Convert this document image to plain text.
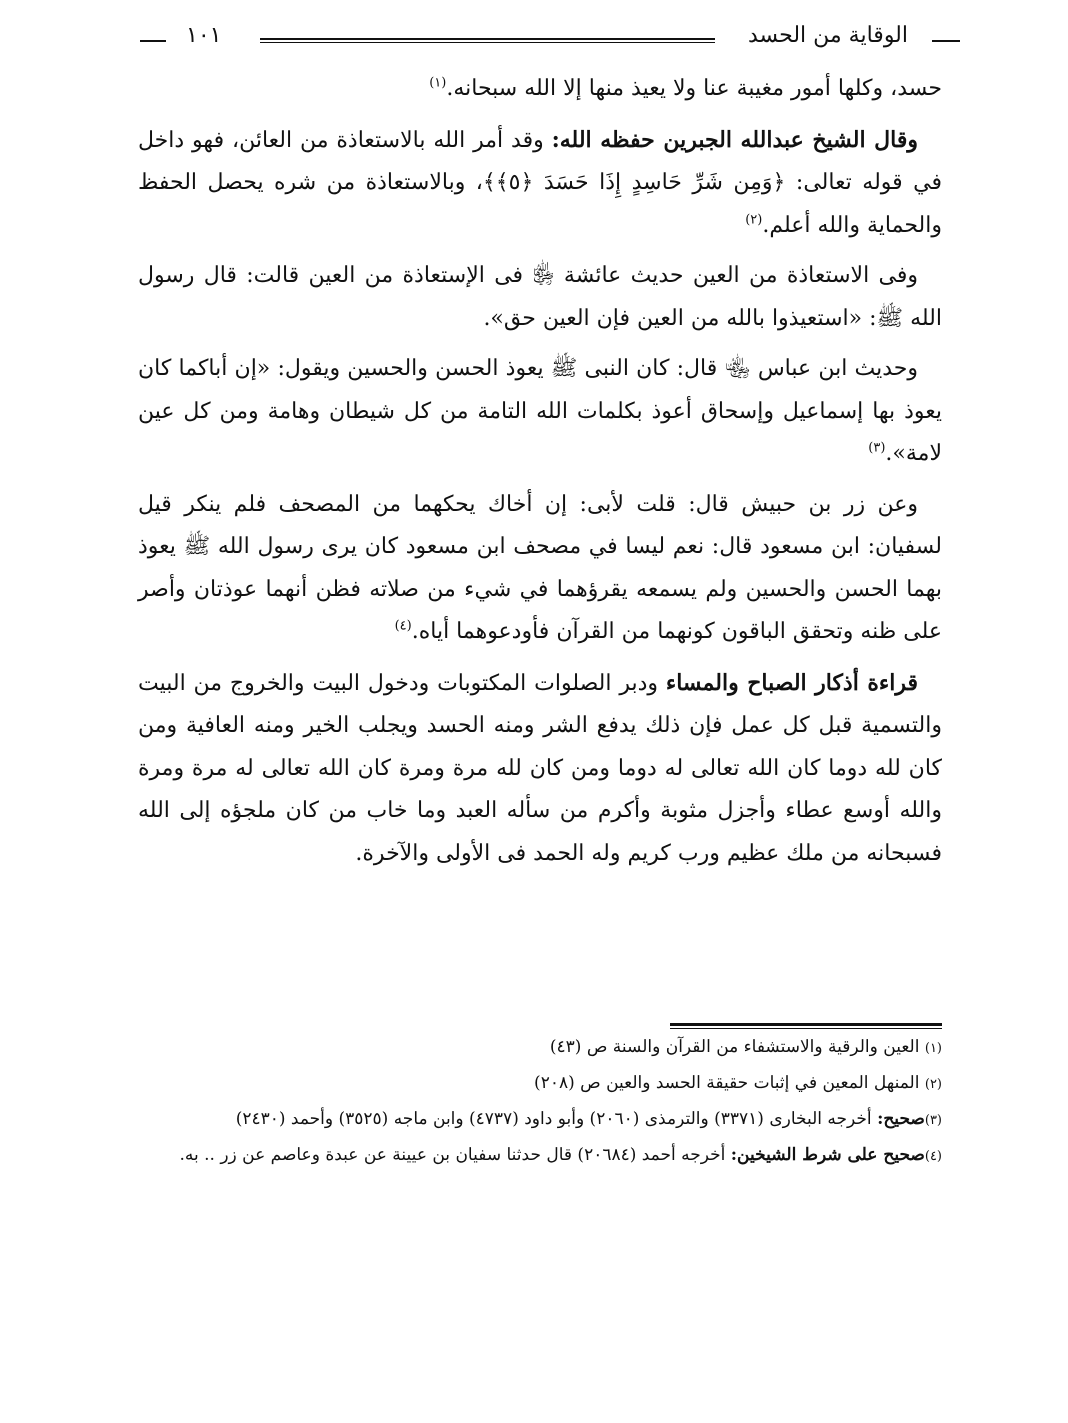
الوقاية من الحسد
١٠١

حسد، وكلها أمور مغيبة عنا ولا يعيذ منها إلا الله سبحانه.$^{(١)}$

وقال الشيخ عبدالله الجبرين حفظه الله: وقد أمر الله بالاستعاذة من العائن، فهو داخل في قوله تعالى: ﴿وَمِن شَرِّ حَاسِدٍ إِذَا حَسَدَ ﴿٥﴾﴾، وبالاستعاذة من شره يحصل الحفظ والحماية والله أعلم.$^{(٢)}$

وفى الاستعاذة من العين حديث عائشة ﵂ فى الإستعاذة من العين قالت: قال رسول الله ﷺ: «استعيذوا بالله من العين فإن العين حق».

وحديث ابن عباس ﵄ قال: كان النبى ﷺ يعوذ الحسن والحسين ويقول: «إن أباكما كان يعوذ بها إسماعيل وإسحاق أعوذ بكلمات الله التامة من كل شيطان وهامة ومن كل عين لامة».$^{(٣)}$

وعن زر بن حبيش قال: قلت لأبى: إن أخاك يحكهما من المصحف فلم ينكر قيل لسفيان: ابن مسعود قال: نعم ليسا في مصحف ابن مسعود كان يرى رسول الله ﷺ يعوذ بهما الحسن والحسين ولم يسمعه يقرؤهما في شيء من صلاته فظن أنهما عوذتان وأصر على ظنه وتحقق الباقون كونهما من القرآن فأودعوهما أياه.$^{(٤)}$

قراءة أذكار الصباح والمساء ودبر الصلوات المكتوبات ودخول البيت والخروج من البيت والتسمية قبل كل عمل فإن ذلك يدفع الشر ومنه الحسد ويجلب الخير ومنه العافية ومن كان لله دوما كان الله تعالى له دوما ومن كان لله مرة ومرة كان الله تعالى له مرة ومرة والله أوسع عطاء وأجزل مثوبة وأكرم من سأله العبد وما خاب من كان ملجؤه إلى الله فسبحانه من ملك عظيم ورب كريم وله الحمد فى الأولى والآخرة.

(١) العين والرقية والاستشفاء من القرآن والسنة ص (٤٣)
(٢) المنهل المعين في إثبات حقيقة الحسد والعين ص (٢٠٨)
(٣)صحيح: أخرجه البخارى (٣٣٧١) والترمذى (٢٠٦٠) وأبو داود (٤٧٣٧) وابن ماجه (٣٥٢٥) وأحمد (٢٤٣٠)
(٤)صحيح على شرط الشيخين: أخرجه أحمد (٢٠٦٨٤) قال حدثنا سفيان بن عيينة عن عبدة وعاصم عن زر .. به.
